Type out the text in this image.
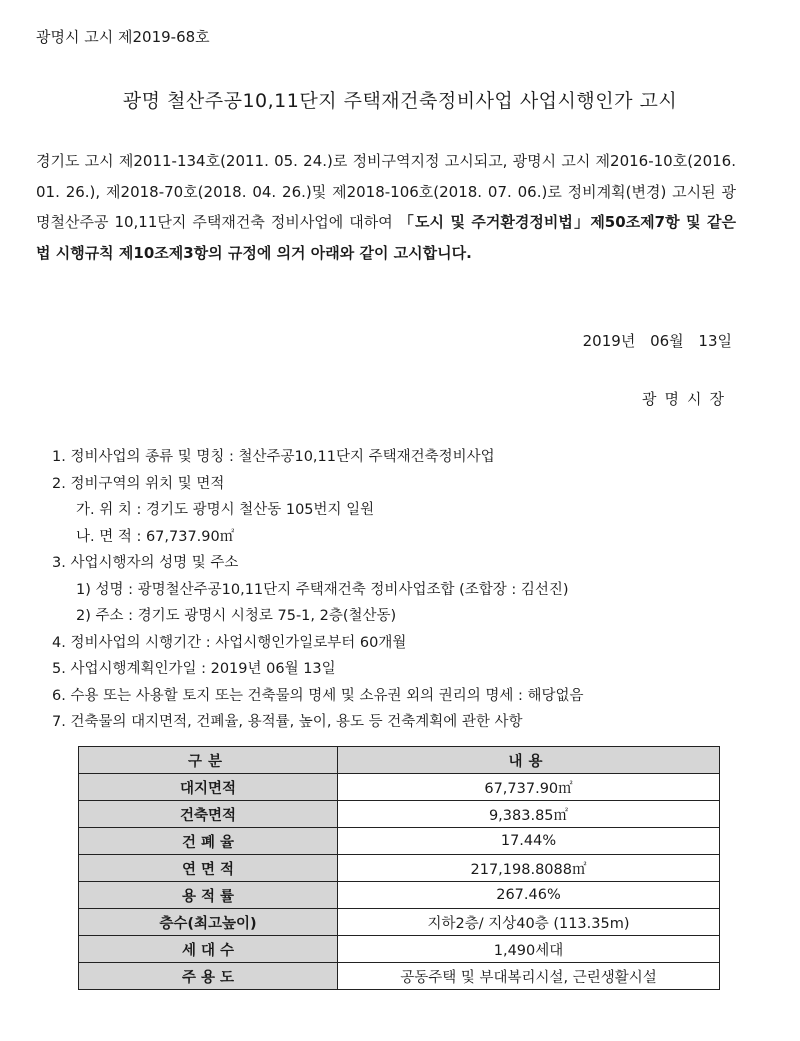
광명시 고시 제2019-68호
광명 철산주공10,11단지 주택재건축정비사업 사업시행인가 고시
경기도 고시 제2011-134호(2011. 05. 24.)로 정비구역지정 고시되고, 광명시 고시 제2016-10호(2016. 01. 26.), 제2018-70호(2018. 04. 26.)및 제2018-106호(2018. 07. 06.)로 정비계획(변경) 고시된 광명철산주공 10,11단지 주택재건축 정비사업에 대하여 「도시 및 주거환경정비법」제50조제7항 및 같은 법 시행규칙 제10조제3항의 규정에 의거 아래와 같이 고시합니다.
2019년 06월 13일
광명시장
1. 정비사업의 종류 및 명칭 : 철산주공10,11단지 주택재건축정비사업
2. 정비구역의 위치 및 면적
가. 위 치 : 경기도 광명시 철산동 105번지 일원
나. 면 적 : 67,737.90㎡
3. 사업시행자의 성명 및 주소
1) 성명 : 광명철산주공10,11단지 주택재건축 정비사업조합 (조합장 : 김선진)
2) 주소 : 경기도 광명시 시청로 75-1, 2층(철산동)
4. 정비사업의 시행기간 : 사업시행인가일로부터 60개월
5. 사업시행계획인가일 : 2019년 06월 13일
6. 수용 또는 사용할 토지 또는 건축물의 명세 및 소유권 외의 권리의 명세 : 해당없음
7. 건축물의 대지면적, 건폐율, 용적률, 높이, 용도 등 건축계획에 관한 사항
구분	내용
대지면적	67,737.90㎡
건축면적	9,383.85㎡
건 폐 율	17.44%
연 면 적	217,198.8088㎡
용 적 률	267.46%
층수(최고높이)	지하2층/ 지상40층 (113.35m)
세 대 수	1,490세대
주 용 도	공동주택 및 부대복리시설, 근린생활시설
